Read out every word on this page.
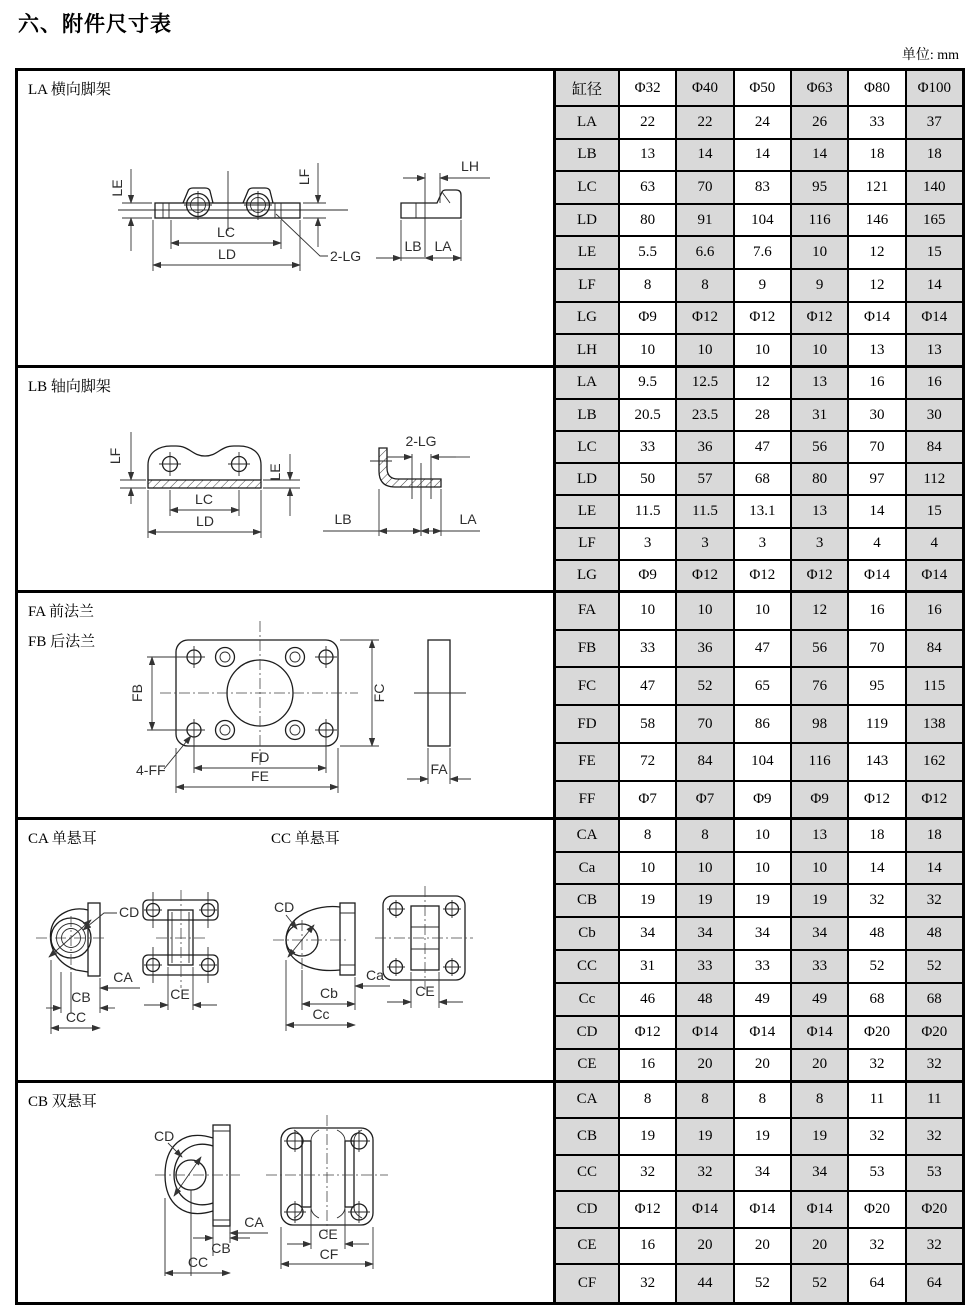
六、附件尺寸表
单位: mm
LA 横向脚架
LE
LF
LC
LD	2-LG
LH
LB LA
LB 轴向脚架
LF
LE
LC
LD
2-LG
LB	LA
FA 前法兰
FB 后法兰
FB	FC
FD
FE
4-FF	FA
CA 单悬耳	CC 单悬耳
CD
CA
CB
CC
CE
CD
Ca
Cb
Cc
CE
CB 双悬耳
CD
CA
CB
CC
CE
CF
缸径	Φ32	Φ40	Φ50	Φ63	Φ80	Φ100
LA	22	22	24	26	33	37
LB	13	14	14	14	18	18
LC	63	70	83	95	121	140
LD	80	91	104	116	146	165
LE	5.5	6.6	7.6	10	12	15
LF	8	8	9	9	12	14
LG	Φ9	Φ12	Φ12	Φ12	Φ14	Φ14
LH	10	10	10	10	13	13
LA	9.5	12.5	12	13	16	16
LB	20.5	23.5	28	31	30	30
LC	33	36	47	56	70	84
LD	50	57	68	80	97	112
LE	11.5	11.5	13.1	13	14	15
LF	3	3	3	3	4	4
LG	Φ9	Φ12	Φ12	Φ12	Φ14	Φ14
FA	10	10	10	12	16	16
FB	33	36	47	56	70	84
FC	47	52	65	76	95	115
FD	58	70	86	98	119	138
FE	72	84	104	116	143	162
FF	Φ7	Φ7	Φ9	Φ9	Φ12	Φ12
CA	8	8	10	13	18	18
Ca	10	10	10	10	14	14
CB	19	19	19	19	32	32
Cb	34	34	34	34	48	48
CC	31	33	33	33	52	52
Cc	46	48	49	49	68	68
CD	Φ12	Φ14	Φ14	Φ14	Φ20	Φ20
CE	16	20	20	20	32	32
CA	8	8	8	8	11	11
CB	19	19	19	19	32	32
CC	32	32	34	34	53	53
CD	Φ12	Φ14	Φ14	Φ14	Φ20	Φ20
CE	16	20	20	20	32	32
CF	32	44	52	52	64	64
